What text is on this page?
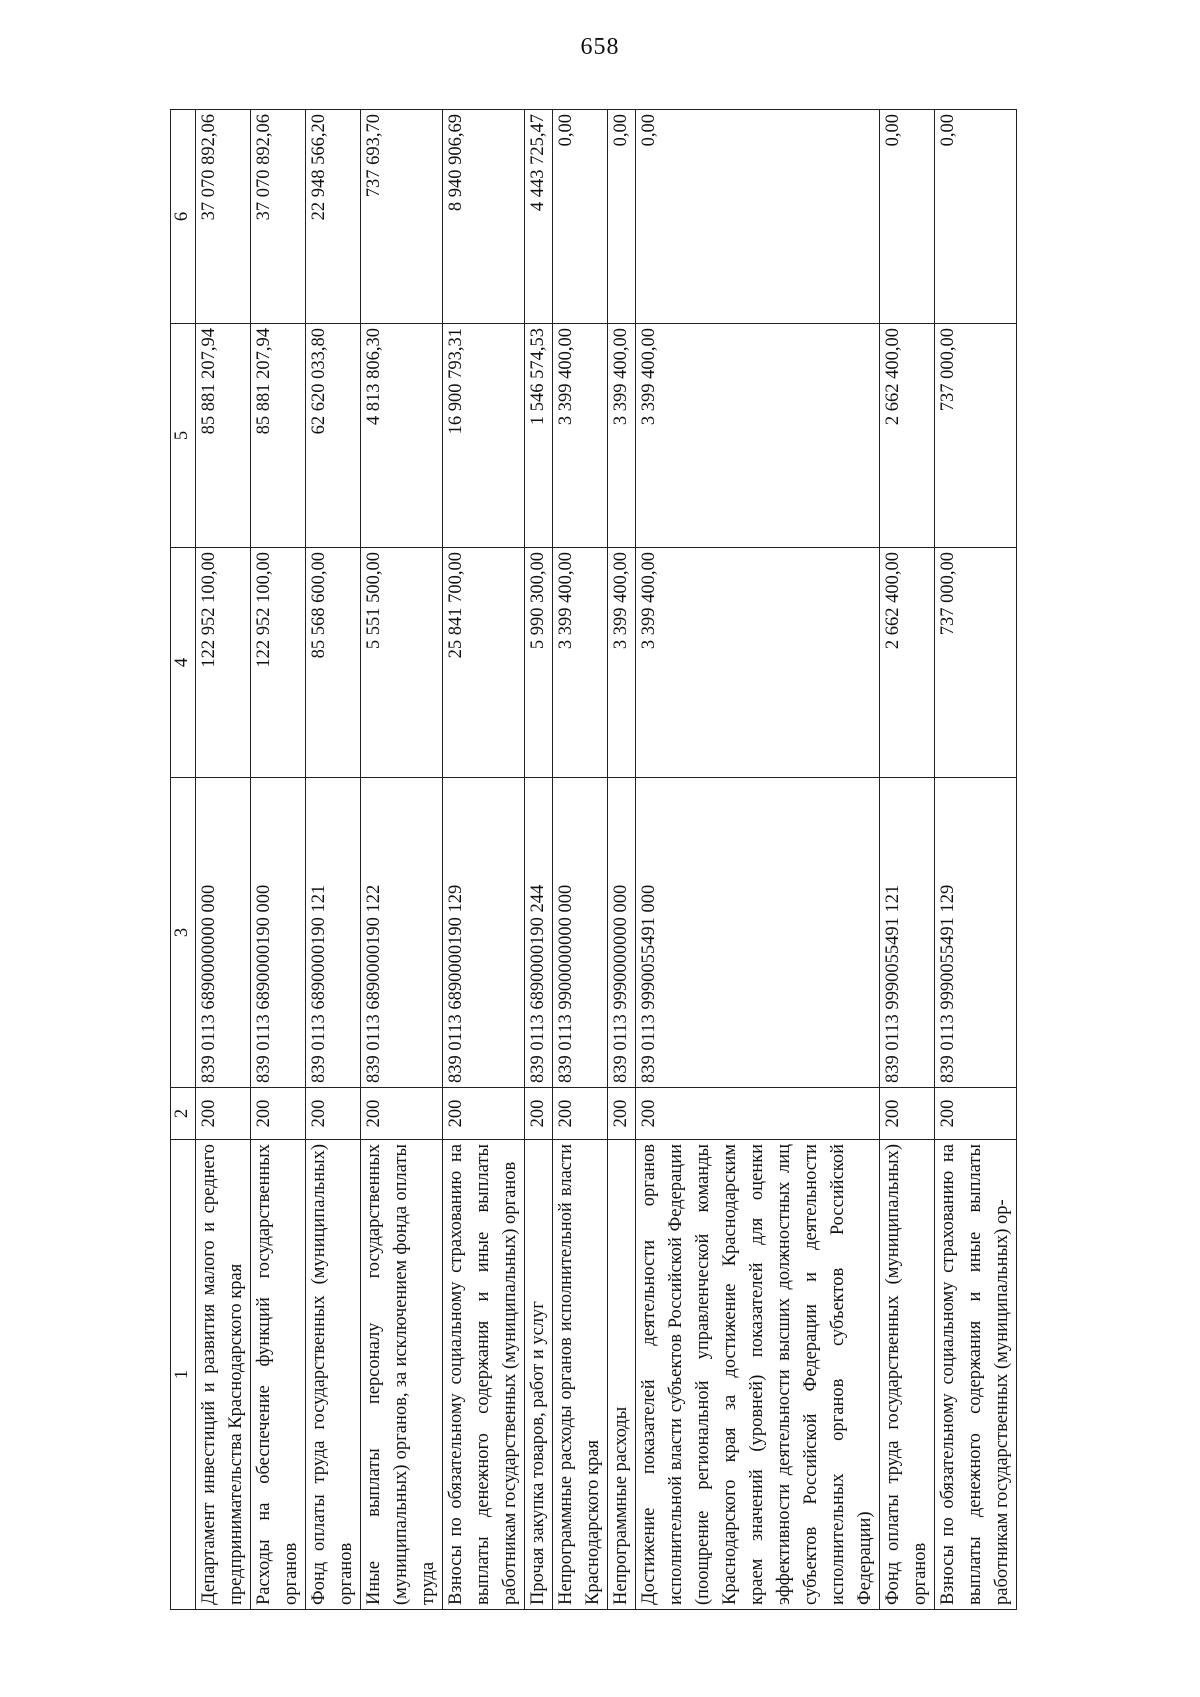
658
1	2	3	4	5	6
Департамент инвестиций и развития малого и среднего предпринимательства Краснодарского края	200	839 0113 6890000000 000	122 952 100,00	85 881 207,94	37 070 892,06
Расходы на обеспечение функций государственных органов	200	839 0113 6890000190 000	122 952 100,00	85 881 207,94	37 070 892,06
Фонд оплаты труда государственных (муниципальных) органов	200	839 0113 6890000190 121	85 568 600,00	62 620 033,80	22 948 566,20
Иные выплаты персоналу государственных (муниципальных) органов, за исключением фонда оплаты труда	200	839 0113 6890000190 122	5 551 500,00	4 813 806,30	737 693,70
Взносы по обязательному социальному страхованию на выплаты денежного содержания и иные выплаты работникам государственных (муниципальных) органов	200	839 0113 6890000190 129	25 841 700,00	16 900 793,31	8 940 906,69
Прочая закупка товаров, работ и услуг	200	839 0113 6890000190 244	5 990 300,00	1 546 574,53	4 443 725,47
Непрограммные расходы органов исполнительной власти Краснодарского края	200	839 0113 9900000000 000	3 399 400,00	3 399 400,00	0,00
Непрограммные расходы	200	839 0113 9990000000 000	3 399 400,00	3 399 400,00	0,00
Достижение показателей деятельности органов исполнительной власти субъектов Российской Федерации (поощрение региональной управленческой команды Краснодарского края за достижение Краснодарским краем значений (уровней) показателей для оценки эффективности деятельности высших должностных лиц субъектов Российской Федерации и деятельности исполнительных органов субъектов Российской Федерации)	200	839 0113 9990055491 000	3 399 400,00	3 399 400,00	0,00
Фонд оплаты труда государственных (муниципальных) органов	200	839 0113 9990055491 121	2 662 400,00	2 662 400,00	0,00
Взносы по обязательному социальному страхованию на выплаты денежного содержания и иные выплаты работникам государственных (муниципальных) ор-	200	839 0113 9990055491 129	737 000,00	737 000,00	0,00
